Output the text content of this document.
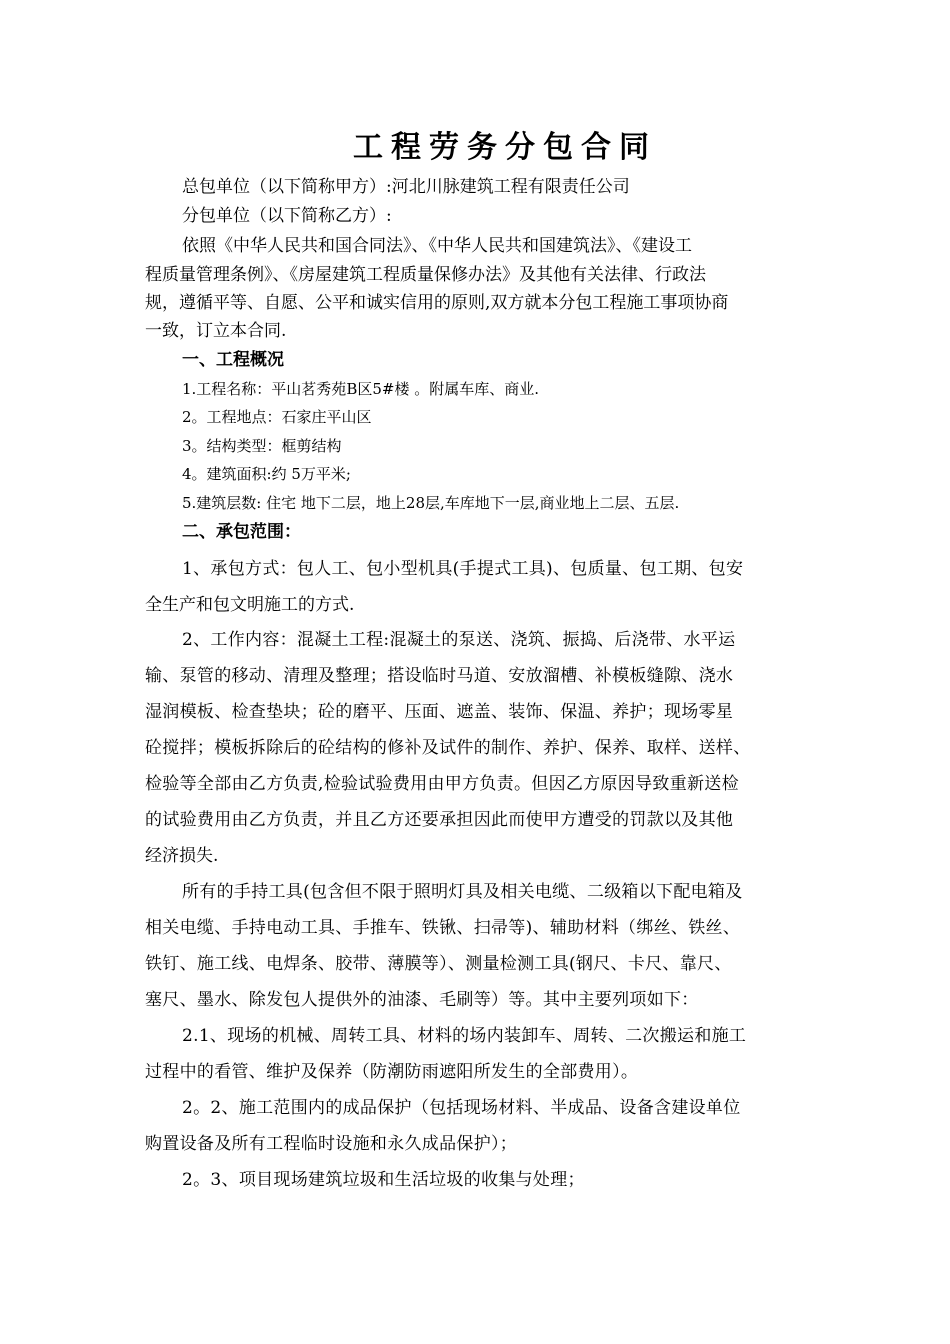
工程劳务分包合同
总包单位（以下简称甲方）:河北川脉建筑工程有限责任公司
分包单位（以下简称乙方）:
依照《中华人民共和国合同法》、《中华人民共和国建筑法》、《建设工
程质量管理条例》、《房屋建筑工程质量保修办法》及其他有关法律、行政法
规，遵循平等、自愿、公平和诚实信用的原则,双方就本分包工程施工事项协商
一致，订立本合同.
一、工程概况
1.工程名称：平山茗秀苑B区5#楼 。附属车库、商业.
2。工程地点：石家庄平山区
3。结构类型：框剪结构
4。建筑面积:约 5万平米;
5.建筑层数: 住宅 地下二层，地上28层,车库地下一层,商业地上二层、五层.
二、承包范围：
1、承包方式：包人工、包小型机具(手提式工具)、包质量、包工期、包安
全生产和包文明施工的方式.
2、工作内容：混凝土工程:混凝土的泵送、浇筑、振捣、后浇带、水平运
输、泵管的移动、清理及整理；搭设临时马道、安放溜槽、补模板缝隙、浇水
湿润模板、检查垫块；砼的磨平、压面、遮盖、装饰、保温、养护；现场零星
砼搅拌；模板拆除后的砼结构的修补及试件的制作、养护、保养、取样、送样、
检验等全部由乙方负责,检验试验费用由甲方负责。但因乙方原因导致重新送检
的试验费用由乙方负责，并且乙方还要承担因此而使甲方遭受的罚款以及其他
经济损失.
所有的手持工具(包含但不限于照明灯具及相关电缆、二级箱以下配电箱及
相关电缆、手持电动工具、手推车、铁锹、扫帚等)、辅助材料（绑丝、铁丝、
铁钉、施工线、电焊条、胶带、薄膜等）、测量检测工具(钢尺、卡尺、靠尺、
塞尺、墨水、除发包人提供外的油漆、毛刷等）等。其中主要列项如下：
2.1、现场的机械、周转工具、材料的场内装卸车、周转、二次搬运和施工
过程中的看管、维护及保养（防潮防雨遮阳所发生的全部费用）。
2。2、施工范围内的成品保护（包括现场材料、半成品、设备含建设单位
购置设备及所有工程临时设施和永久成品保护）；
2。3、项目现场建筑垃圾和生活垃圾的收集与处理；
